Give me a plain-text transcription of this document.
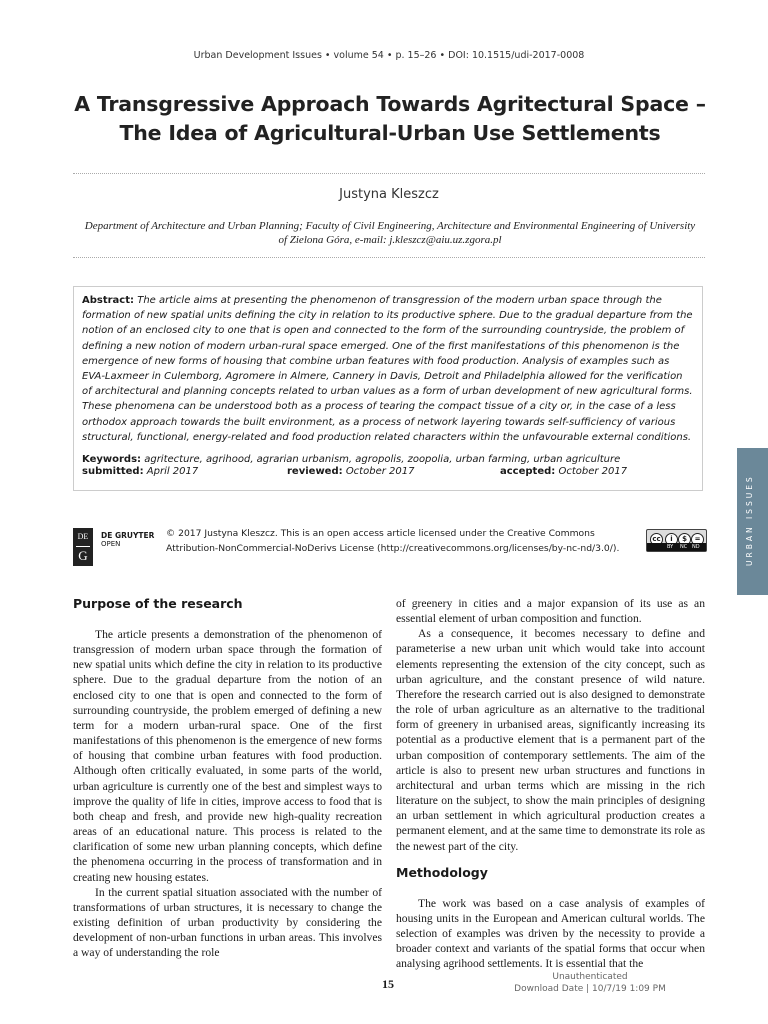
Urban Development Issues • volume 54 • p. 15–26 • DOI: 10.1515/udi-2017-0008
A Transgressive Approach Towards Agritectural Space – The Idea of Agricultural-Urban Use Settlements
Justyna Kleszcz
Department of Architecture and Urban Planning; Faculty of Civil Engineering, Architecture and Environmental Engineering of University of Zielona Góra, e-mail: j.kleszcz@aiu.uz.zgora.pl

Abstract: The article aims at presenting the phenomenon of transgression of the modern urban space through the formation of new spatial units defining the city in relation to its productive sphere. Due to the gradual departure from the notion of an enclosed city to one that is open and connected to the form of the surrounding countryside, the problem of defining a new notion of modern urban-rural space emerged. One of the first manifestations of this phenomenon is the emergence of new forms of housing that combine urban features with food production. Analysis of examples such as EVA-Laxmeer in Culemborg, Agromere in Almere, Cannery in Davis, Detroit and Philadelphia allowed for the verification of architectural and planning concepts related to urban values as a form of urban development of new agricultural forms. These phenomena can be understood both as a process of tearing the compact tissue of a city or, in the case of a less orthodox approach towards the built environment, as a process of network layering towards self-sufficiency of various structural, functional, energy-related and food production related characters within the unfavourable external conditions.

Keywords: agritecture, agrihood, agrarian urbanism, agropolis, zoopolia, urban farming, urban agriculture

submitted: April 2017	reviewed: October 2017	accepted: October 2017
DE
G
DE GRUYTER
OPEN
© 2017 Justyna Kleszcz. This is an open access article licensed under the Creative Commons Attribution-NonCommercial-NoDerivs License (http://creativecommons.org/licenses/by-nc-nd/3.0/).
cc	i	$	=
BY NC ND	URBAN ISSUES
Purpose of the research

The article presents a demonstration of the phenomenon of transgression of modern urban space through the formation of new spatial units which define the city in relation to its productive sphere. Due to the gradual departure from the notion of an enclosed city to one that is open and connected to the form of surrounding countryside, the problem emerged of defining a new term for a modern urban-rural space. One of the first manifestations of this phenomenon is the emergence of new forms of housing that combine urban features with food production. Although often critically evaluated, in some parts of the world, urban agriculture is currently one of the best and simplest ways to improve the quality of life in cities, improve access to food that is both cheap and fresh, and provide new high-quality recreation areas of an educational nature. This process is related to the clarification of some new urban planning concepts, which define the phenomena occurring in the process of transformation and in creating new housing estates.

In the current spatial situation associated with the number of transformations of urban structures, it is necessary to change the existing definition of urban productivity by considering the development of non-urban functions in urban areas. This involves a way of understanding the role

of greenery in cities and a major expansion of its use as an essential element of urban composition and function.

As a consequence, it becomes necessary to define and parameterise a new urban unit which would take into account elements representing the extension of the city concept, such as urban agriculture, and the constant presence of wild nature. Therefore the research carried out is also designed to demonstrate the role of urban agriculture as an alternative to the traditional form of greenery in urbanised areas, significantly increasing its potential as a productive element that is a permanent part of the urban composition of contemporary settlements. The aim of the article is also to present new urban structures and functions in architectural and urban terms which are missing in the rich literature on the subject, to show the main principles of designing an urban settlement in which agricultural production creates a permanent element, and at the same time to demonstrate its role as the newest part of the city.

Methodology

The work was based on a case analysis of examples of housing units in the European and American cultural worlds. The selection of examples was driven by the necessity to provide a broader context and variants of the spatial forms that occur when analysing agrihood settlements. It is essential that the

15	Unauthenticated
Download Date | 10/7/19 1:09 PM
